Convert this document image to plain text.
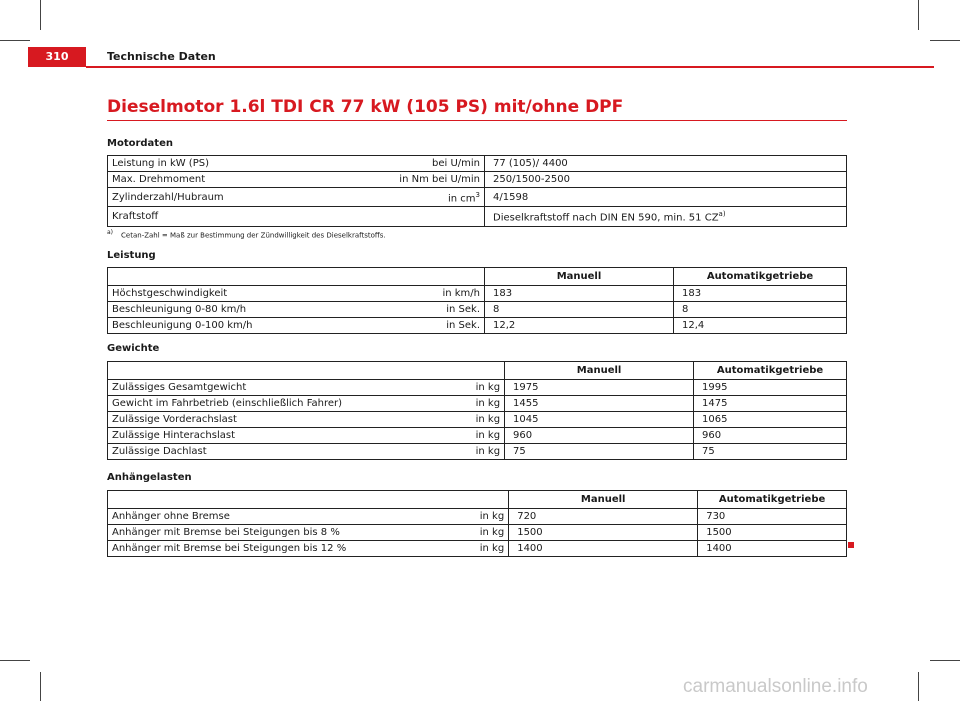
310	Technische Daten
Dieselmotor 1.6l TDI CR 77 kW (105 PS) mit/ohne DPF
Motordaten
Leistung in kW (PS)	bei U/min	77 (105)/ 4400
Max. Drehmoment	in Nm bei U/min	250/1500-2500
Zylinderzahl/Hubraum	in $cm^3$	4/1598
Kraftstoff		Dieselkraftstoff nach DIN EN 590, min. 51 CZ$^{a)}$
$^{a)}$ Cetan-Zahl = Maß zur Bestimmung der Zündwilligkeit des Dieselkraftstoffs.
Leistung
		Manuell	Automatikgetriebe
Höchstgeschwindigkeit	in km/h	183	183
Beschleunigung 0-80 km/h	in Sek.	8	8
Beschleunigung 0-100 km/h	in Sek.	12,2	12,4
Gewichte
		Manuell	Automatikgetriebe
Zulässiges Gesamtgewicht	in kg	1975	1995
Gewicht im Fahrbetrieb (einschließlich Fahrer)	in kg	1455	1475
Zulässige Vorderachslast	in kg	1045	1065
Zulässige Hinterachslast	in kg	960	960
Zulässige Dachlast	in kg	75	75
Anhängelasten
		Manuell	Automatikgetriebe
Anhänger ohne Bremse	in kg	720	730
Anhänger mit Bremse bei Steigungen bis 8 %	in kg	1500	1500
Anhänger mit Bremse bei Steigungen bis 12 %	in kg	1400	1400
carmanualsonline.info
